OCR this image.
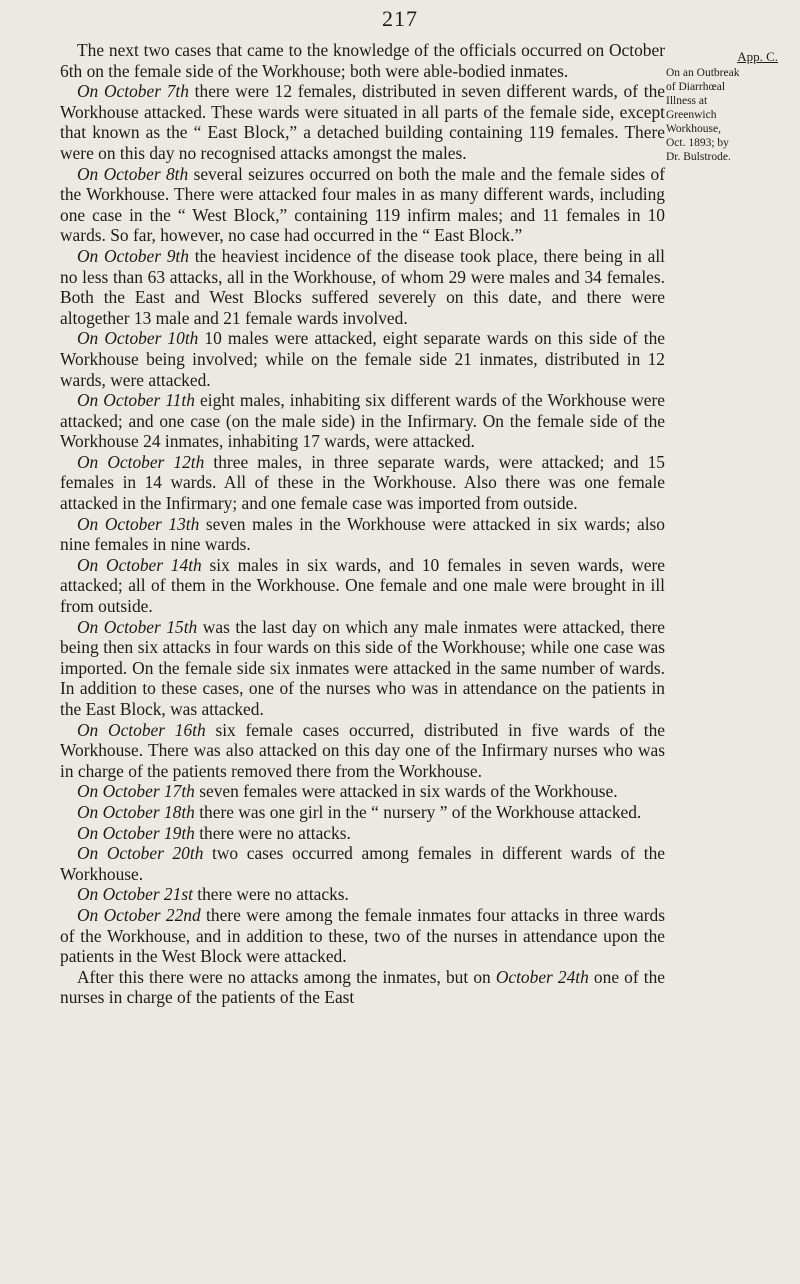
217
App. C.
On an Outbreak
of Diarrhœal
Illness at
Greenwich
Workhouse,
Oct. 1893; by
Dr. Bulstrode.

The next two cases that came to the knowledge of the officials occurred on October 6th on the female side of the Workhouse; both were able-bodied inmates.

On October 7th there were 12 females, distributed in seven different wards, of the Workhouse attacked. These wards were situated in all parts of the female side, except that known as the “ East Block,” a detached building containing 119 females. There were on this day no recognised attacks amongst the males.

On October 8th several seizures occurred on both the male and the female sides of the Workhouse. There were attacked four males in as many different wards, including one case in the “ West Block,” containing 119 infirm males; and 11 females in 10 wards. So far, however, no case had occurred in the “ East Block.”

On October 9th the heaviest incidence of the disease took place, there being in all no less than 63 attacks, all in the Workhouse, of whom 29 were males and 34 females. Both the East and West Blocks suffered severely on this date, and there were altogether 13 male and 21 female wards involved.

On October 10th 10 males were attacked, eight separate wards on this side of the Workhouse being involved; while on the female side 21 inmates, distributed in 12 wards, were attacked.

On October 11th eight males, inhabiting six different wards of the Workhouse were attacked; and one case (on the male side) in the Infirmary. On the female side of the Workhouse 24 inmates, inhabiting 17 wards, were attacked.

On October 12th three males, in three separate wards, were attacked; and 15 females in 14 wards. All of these in the Workhouse. Also there was one female attacked in the Infirmary; and one female case was imported from outside.

On October 13th seven males in the Workhouse were attacked in six wards; also nine females in nine wards.

On October 14th six males in six wards, and 10 females in seven wards, were attacked; all of them in the Workhouse. One female and one male were brought in ill from outside.

On October 15th was the last day on which any male inmates were attacked, there being then six attacks in four wards on this side of the Workhouse; while one case was imported. On the female side six inmates were attacked in the same number of wards. In addition to these cases, one of the nurses who was in attendance on the patients in the East Block, was attacked.

On October 16th six female cases occurred, distributed in five wards of the Workhouse. There was also attacked on this day one of the Infirmary nurses who was in charge of the patients removed there from the Workhouse.

On October 17th seven females were attacked in six wards of the Workhouse.

On October 18th there was one girl in the “ nursery ” of the Workhouse attacked.

On October 19th there were no attacks.

On October 20th two cases occurred among females in different wards of the Workhouse.

On October 21st there were no attacks.

On October 22nd there were among the female inmates four attacks in three wards of the Workhouse, and in addition to these, two of the nurses in attendance upon the patients in the West Block were attacked.

After this there were no attacks among the inmates, but on October 24th one of the nurses in charge of the patients of the East
